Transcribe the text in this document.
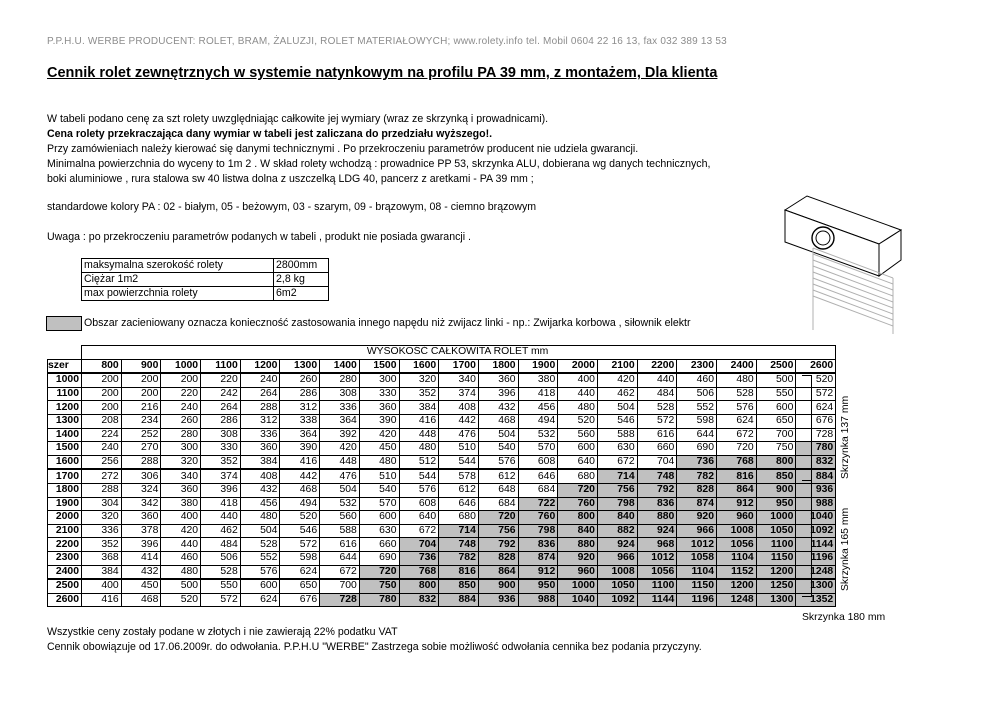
P.P.H.U. WERBE PRODUCENT: ROLET, BRAM, ŻALUZJI, ROLET MATERIAŁOWYCH; www.rolety.info tel. Mobil 0604 22 16 13, fax 032 389 13 53
Cennik rolet zewnętrznych w systemie natynkowym na profilu PA 39 mm, z montażem, Dla klienta
W tabeli podano cenę za szt rolety uwzględniając całkowite jej wymiary (wraz ze skrzynką i prowadnicami).
Cena rolety przekraczająca dany wymiar w tabeli jest zaliczana do przedziału wyższego!.
Przy zamówieniach należy kierować się danymi technicznymi . Po przekroczeniu parametrów producent nie udziela gwarancji.
Minimalna powierzchnia do wyceny to 1m 2 . W skład rolety wchodzą : prowadnice PP 53, skrzynka ALU, dobierana wg danych technicznych,
boki aluminiowe , rura stalowa sw 40 listwa dolna z uszczelką LDG 40, pancerz z aretkami - PA 39 mm ;
standardowe kolory PA : 02 - białym, 05 - beżowym, 03 - szarym, 09 - brązowym, 08 - ciemno brązowym
Uwaga : po przekroczeniu parametrów podanych w tabeli , produkt nie posiada gwarancji .
maksymalna szerokość rolety	2800mm
Ciężar 1m2	2,8 kg
max powierzchnia rolety	6m2
Obszar zacieniowany oznacza konieczność zastosowania innego napędu niż zwijacz linki - np.: Zwijarka korbowa , siłownik elektr
	WYSOKOŚĆ CAŁKOWITA ROLET mm																		
szer	800	900	1000	1100	1200	1300	1400	1500	1600	1700	1800	1900	2000	2100	2200	2300	2400	2500	2600
1000	200	200	200	220	240	260	280	300	320	340	360	380	400	420	440	460	480	500	520
1100	200	200	220	242	264	286	308	330	352	374	396	418	440	462	484	506	528	550	572
1200	200	216	240	264	288	312	336	360	384	408	432	456	480	504	528	552	576	600	624
1300	208	234	260	286	312	338	364	390	416	442	468	494	520	546	572	598	624	650	676
1400	224	252	280	308	336	364	392	420	448	476	504	532	560	588	616	644	672	700	728
1500	240	270	300	330	360	390	420	450	480	510	540	570	600	630	660	690	720	750	780
1600	256	288	320	352	384	416	448	480	512	544	576	608	640	672	704	736	768	800	832
1700	272	306	340	374	408	442	476	510	544	578	612	646	680	714	748	782	816	850	884
1800	288	324	360	396	432	468	504	540	576	612	648	684	720	756	792	828	864	900	936
1900	304	342	380	418	456	494	532	570	608	646	684	722	760	798	836	874	912	950	988
2000	320	360	400	440	480	520	560	600	640	680	720	760	800	840	880	920	960	1000	1040
2100	336	378	420	462	504	546	588	630	672	714	756	798	840	882	924	966	1008	1050	1092
2200	352	396	440	484	528	572	616	660	704	748	792	836	880	924	968	1012	1056	1100	1144
2300	368	414	460	506	552	598	644	690	736	782	828	874	920	966	1012	1058	1104	1150	1196
2400	384	432	480	528	576	624	672	720	768	816	864	912	960	1008	1056	1104	1152	1200	1248
2500	400	450	500	550	600	650	700	750	800	850	900	950	1000	1050	1100	1150	1200	1250	1300
2600	416	468	520	572	624	676	728	780	832	884	936	988	1040	1092	1144	1196	1248	1300	1352
Skrzynka 137 mm
Skrzynka 165 mm
Skrzynka 180 mm
Wszystkie ceny zostały podane w złotych i nie zawierają 22% podatku VAT
Cennik obowiązuje od 17.06.2009r. do odwołania. P.P.H.U "WERBE" Zastrzega sobie możliwość odwołania cennika bez podania przyczyny.
